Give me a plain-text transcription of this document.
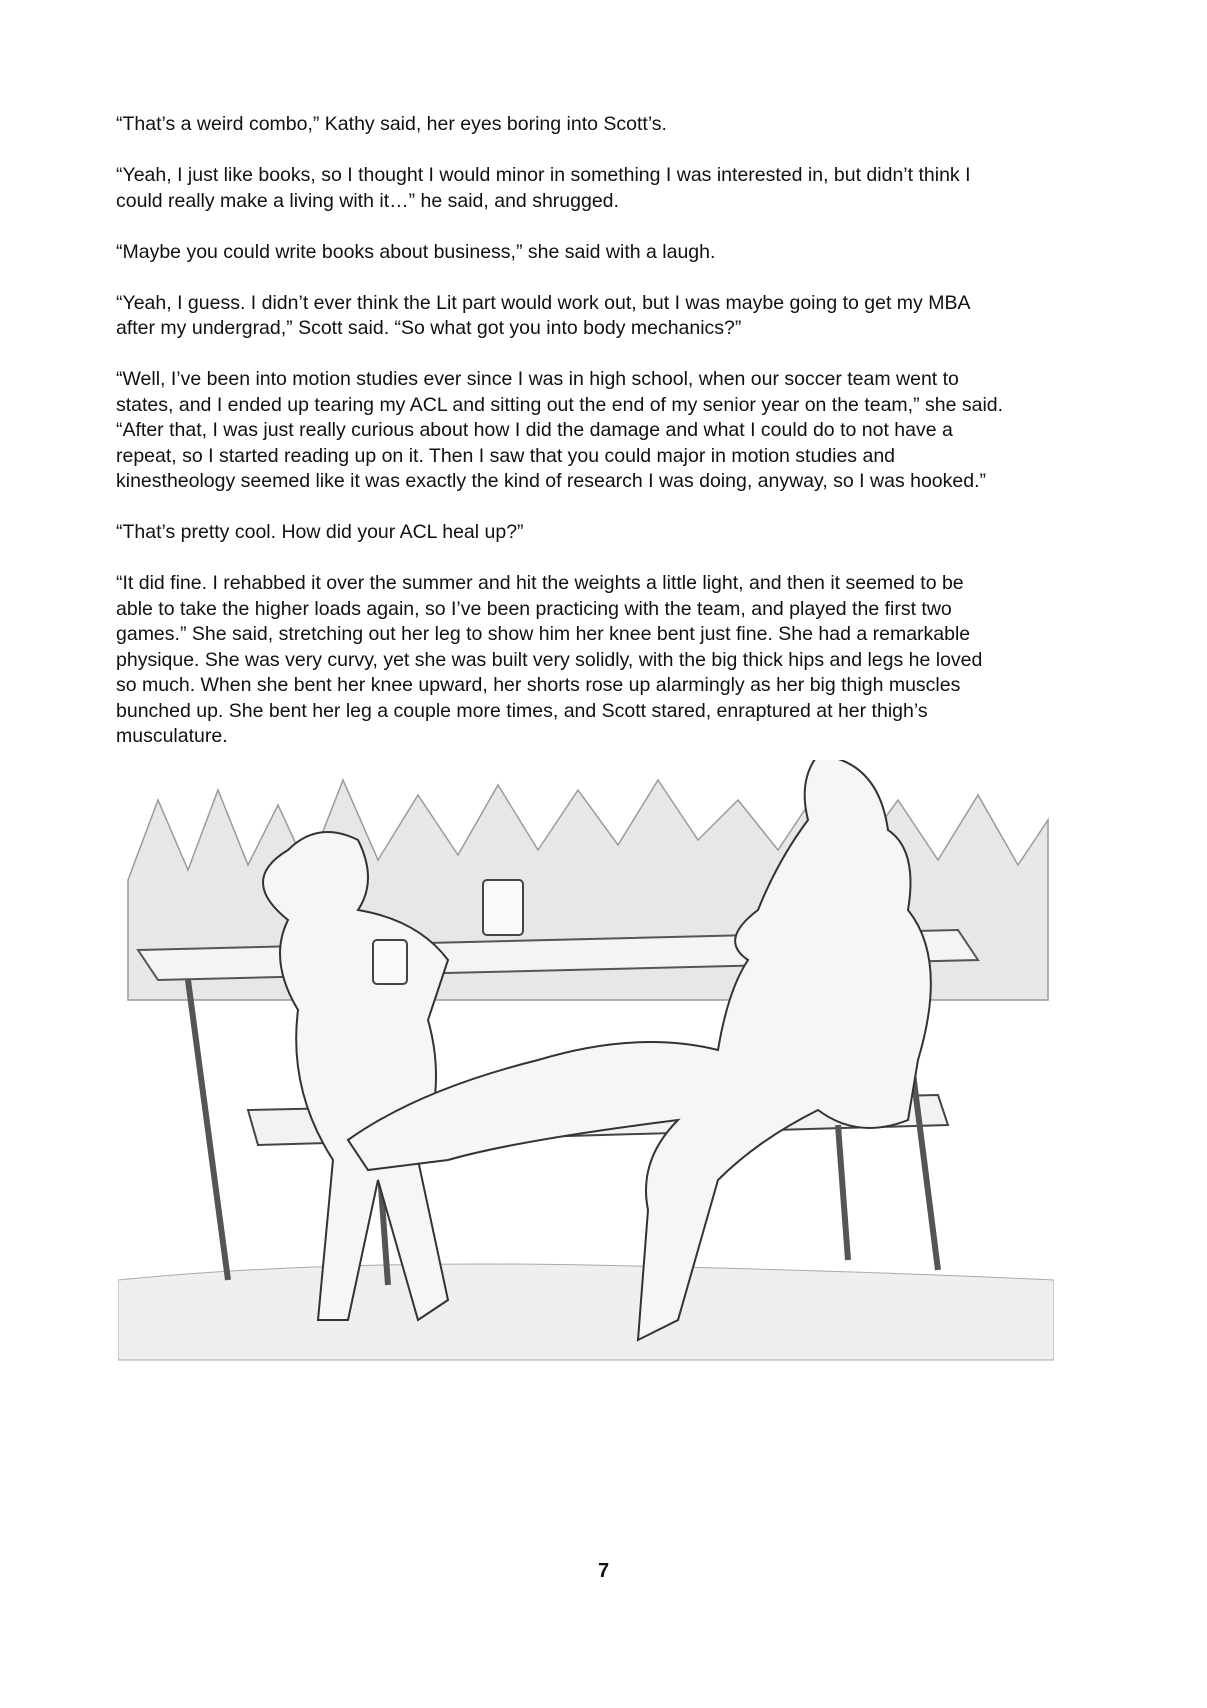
“That’s a weird combo,” Kathy said, her eyes boring into Scott’s.

“Yeah, I just like books, so I thought I would minor in something I was interested in, but didn’t think I
could really make a living with it…” he said, and shrugged.

“Maybe you could write books about business,” she said with a laugh.

“Yeah, I guess. I didn’t ever think the Lit part would work out, but I was maybe going to get my MBA
after my undergrad,” Scott said. “So what got you into body mechanics?”

“Well, I’ve been into motion studies ever since I was in high school, when our soccer team went to
states, and I ended up tearing my ACL and sitting out the end of my senior year on the team,” she said.
“After that, I was just really curious about how I did the damage and what I could do to not have a
repeat, so I started reading up on it. Then I saw that you could major in motion studies and
kinestheology seemed like it was exactly the kind of research I was doing, anyway, so I was hooked.”

“That’s pretty cool. How did your ACL heal up?”

“It did fine. I rehabbed it over the summer and hit the weights a little light, and then it seemed to be
able to take the higher loads again, so I’ve been practicing with the team, and played the first two
games.” She said, stretching out her leg to show him her knee bent just fine. She had a remarkable
physique. She was very curvy, yet she was built very solidly, with the big thick hips and legs he loved
so much. When she bent her knee upward, her shorts rose up alarmingly as her big thigh muscles
bunched up. She bent her leg a couple more times, and Scott stared, enraptured at her thigh’s
musculature.

7
